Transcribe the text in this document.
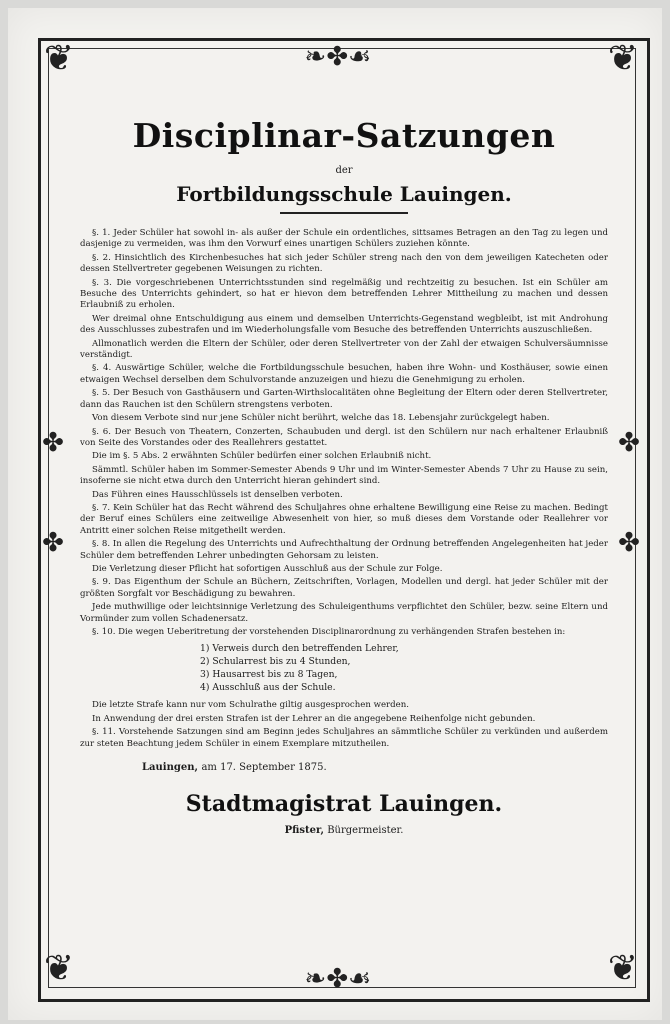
❦	❦
❦	❦
❧✤☙
❧✤☙
✤
✤
✤
✤
Disciplinar-Satzungen
der
Fortbildungsschule Lauingen.

§. 1. Jeder Schüler hat sowohl in- als außer der Schule ein ordentliches, sittsames Betragen an den Tag zu legen und dasjenige zu vermeiden, was ihm den Vorwurf eines unartigen Schülers zuziehen könnte.

§. 2. Hinsichtlich des Kirchenbesuches hat sich jeder Schüler streng nach den von dem jeweiligen Katecheten oder dessen Stellvertreter gegebenen Weisungen zu richten.

§. 3. Die vorgeschriebenen Unterrichtsstunden sind regelmäßig und rechtzeitig zu besuchen. Ist ein Schüler am Besuche des Unterrichts gehindert, so hat er hievon dem betreffenden Lehrer Mittheilung zu machen und dessen Erlaubniß zu erholen.

Wer dreimal ohne Entschuldigung aus einem und demselben Unterrichts-Gegenstand wegbleibt, ist mit Androhung des Ausschlusses zubestrafen und im Wiederholungsfalle vom Besuche des betreffenden Unterrichts auszuschließen.

Allmonatlich werden die Eltern der Schüler, oder deren Stellvertreter von der Zahl der etwaigen Schulversäumnisse verständigt.

§. 4. Auswärtige Schüler, welche die Fortbildungsschule besuchen, haben ihre Wohn- und Kosthäuser, sowie einen etwaigen Wechsel derselben dem Schulvorstande anzuzeigen und hiezu die Genehmigung zu erholen.

§. 5. Der Besuch von Gasthäusern und Garten-Wirthslocalitäten ohne Begleitung der Eltern oder deren Stellvertreter, dann das Rauchen ist den Schülern strengstens verboten.

Von diesem Verbote sind nur jene Schüler nicht berührt, welche das 18. Lebensjahr zurückgelegt haben.

§. 6. Der Besuch von Theatern, Conzerten, Schaubuden und dergl. ist den Schülern nur nach erhaltener Erlaubniß von Seite des Vorstandes oder des Reallehrers gestattet.

Die im §. 5 Abs. 2 erwähnten Schüler bedürfen einer solchen Erlaubniß nicht.

Sämmtl. Schüler haben im Sommer-Semester Abends 9 Uhr und im Winter-Semester Abends 7 Uhr zu Hause zu sein, insoferne sie nicht etwa durch den Unterricht hieran gehindert sind.

Das Führen eines Hausschlüssels ist denselben verboten.

§. 7. Kein Schüler hat das Recht während des Schuljahres ohne erhaltene Bewilligung eine Reise zu machen. Bedingt der Beruf eines Schülers eine zeitweilige Abwesenheit von hier, so muß dieses dem Vorstande oder Reallehrer vor Antritt einer solchen Reise mitgetheilt werden.

§. 8. In allen die Regelung des Unterrichts und Aufrechthaltung der Ordnung betreffenden Angelegenheiten hat jeder Schüler dem betreffenden Lehrer unbedingten Gehorsam zu leisten.

Die Verletzung dieser Pflicht hat sofortigen Ausschluß aus der Schule zur Folge.

§. 9. Das Eigenthum der Schule an Büchern, Zeitschriften, Vorlagen, Modellen und dergl. hat jeder Schüler mit der größten Sorgfalt vor Beschädigung zu bewahren.

Jede muthwillige oder leichtsinnige Verletzung des Schuleigenthums verpflichtet den Schüler, bezw. seine Eltern und Vormünder zum vollen Schadenersatz.

§. 10. Die wegen Ueberitretung der vorstehenden Disciplinarordnung zu verhängenden Strafen bestehen in:

1) Verweis durch den betreffenden Lehrer,
2) Schularrest bis zu 4 Stunden,
3) Hausarrest bis zu 8 Tagen,
4) Ausschluß aus der Schule.

Die letzte Strafe kann nur vom Schulrathe giltig ausgesprochen werden.

In Anwendung der drei ersten Strafen ist der Lehrer an die angegebene Reihenfolge nicht gebunden.

§. 11. Vorstehende Satzungen sind am Beginn jedes Schuljahres an sämmtliche Schüler zu verkünden und außerdem zur steten Beachtung jedem Schüler in einem Exemplare mitzutheilen.

Lauingen, am 17. September 1875.
Stadtmagistrat Lauingen.
Pfister, Bürgermeister.
